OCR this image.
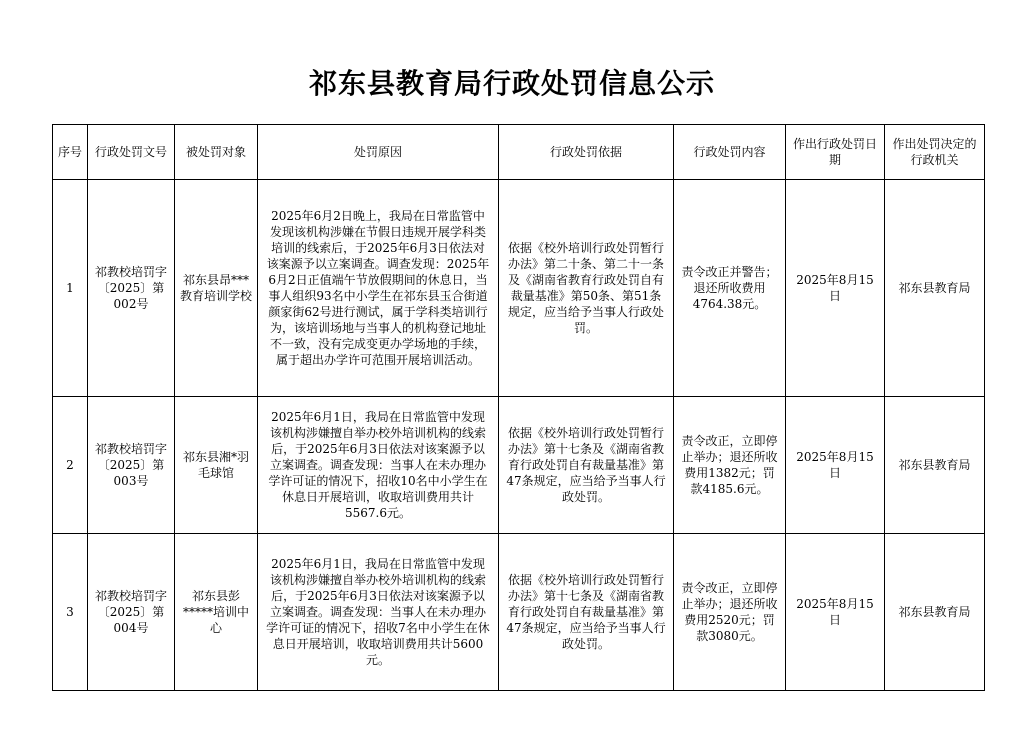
祁东县教育局行政处罚信息公示
序号	行政处罚文号	被处罚对象	处罚原因	行政处罚依据	行政处罚内容	作出行政处罚日期	作出处罚决定的行政机关
1	祁教校培罚字〔2025〕第002号	祁东县昂***教育培训学校	2025年6月2日晚上，我局在日常监管中发现该机构涉嫌在节假日违规开展学科类培训的线索后，于2025年6月3日依法对该案源予以立案调查。调查发现：2025年6月2日正值端午节放假期间的休息日，当事人组织93名中小学生在祁东县玉合街道颜家街62号进行测试，属于学科类培训行为，该培训场地与当事人的机构登记地址不一致，没有完成变更办学场地的手续，属于超出办学许可范围开展培训活动。	依据《校外培训行政处罚暂行办法》第二十条、第二十一条及《湖南省教育行政处罚自有裁量基准》第50条、第51条规定，应当给予当事人行政处罚。	责令改正并警告；退还所收费用4764.38元。	2025年8月15日	祁东县教育局
2	祁教校培罚字〔2025〕第003号	祁东县湘*羽毛球馆	2025年6月1日，我局在日常监管中发现该机构涉嫌擅自举办校外培训机构的线索后，于2025年6月3日依法对该案源予以立案调查。调查发现：当事人在未办理办学许可证的情况下，招收10名中小学生在休息日开展培训，收取培训费用共计5567.6元。	依据《校外培训行政处罚暂行办法》第十七条及《湖南省教育行政处罚自有裁量基准》第47条规定，应当给予当事人行政处罚。	责令改正，立即停止举办；退还所收费用1382元；罚款4185.6元。	2025年8月15日	祁东县教育局
3	祁教校培罚字〔2025〕第004号	祁东县彭*****培训中心	2025年6月1日，我局在日常监管中发现该机构涉嫌擅自举办校外培训机构的线索后，于2025年6月3日依法对该案源予以立案调查。调查发现：当事人在未办理办学许可证的情况下，招收7名中小学生在休息日开展培训，收取培训费用共计5600元。	依据《校外培训行政处罚暂行办法》第十七条及《湖南省教育行政处罚自有裁量基准》第47条规定，应当给予当事人行政处罚。	责令改正，立即停止举办；退还所收费用2520元；罚款3080元。	2025年8月15日	祁东县教育局
